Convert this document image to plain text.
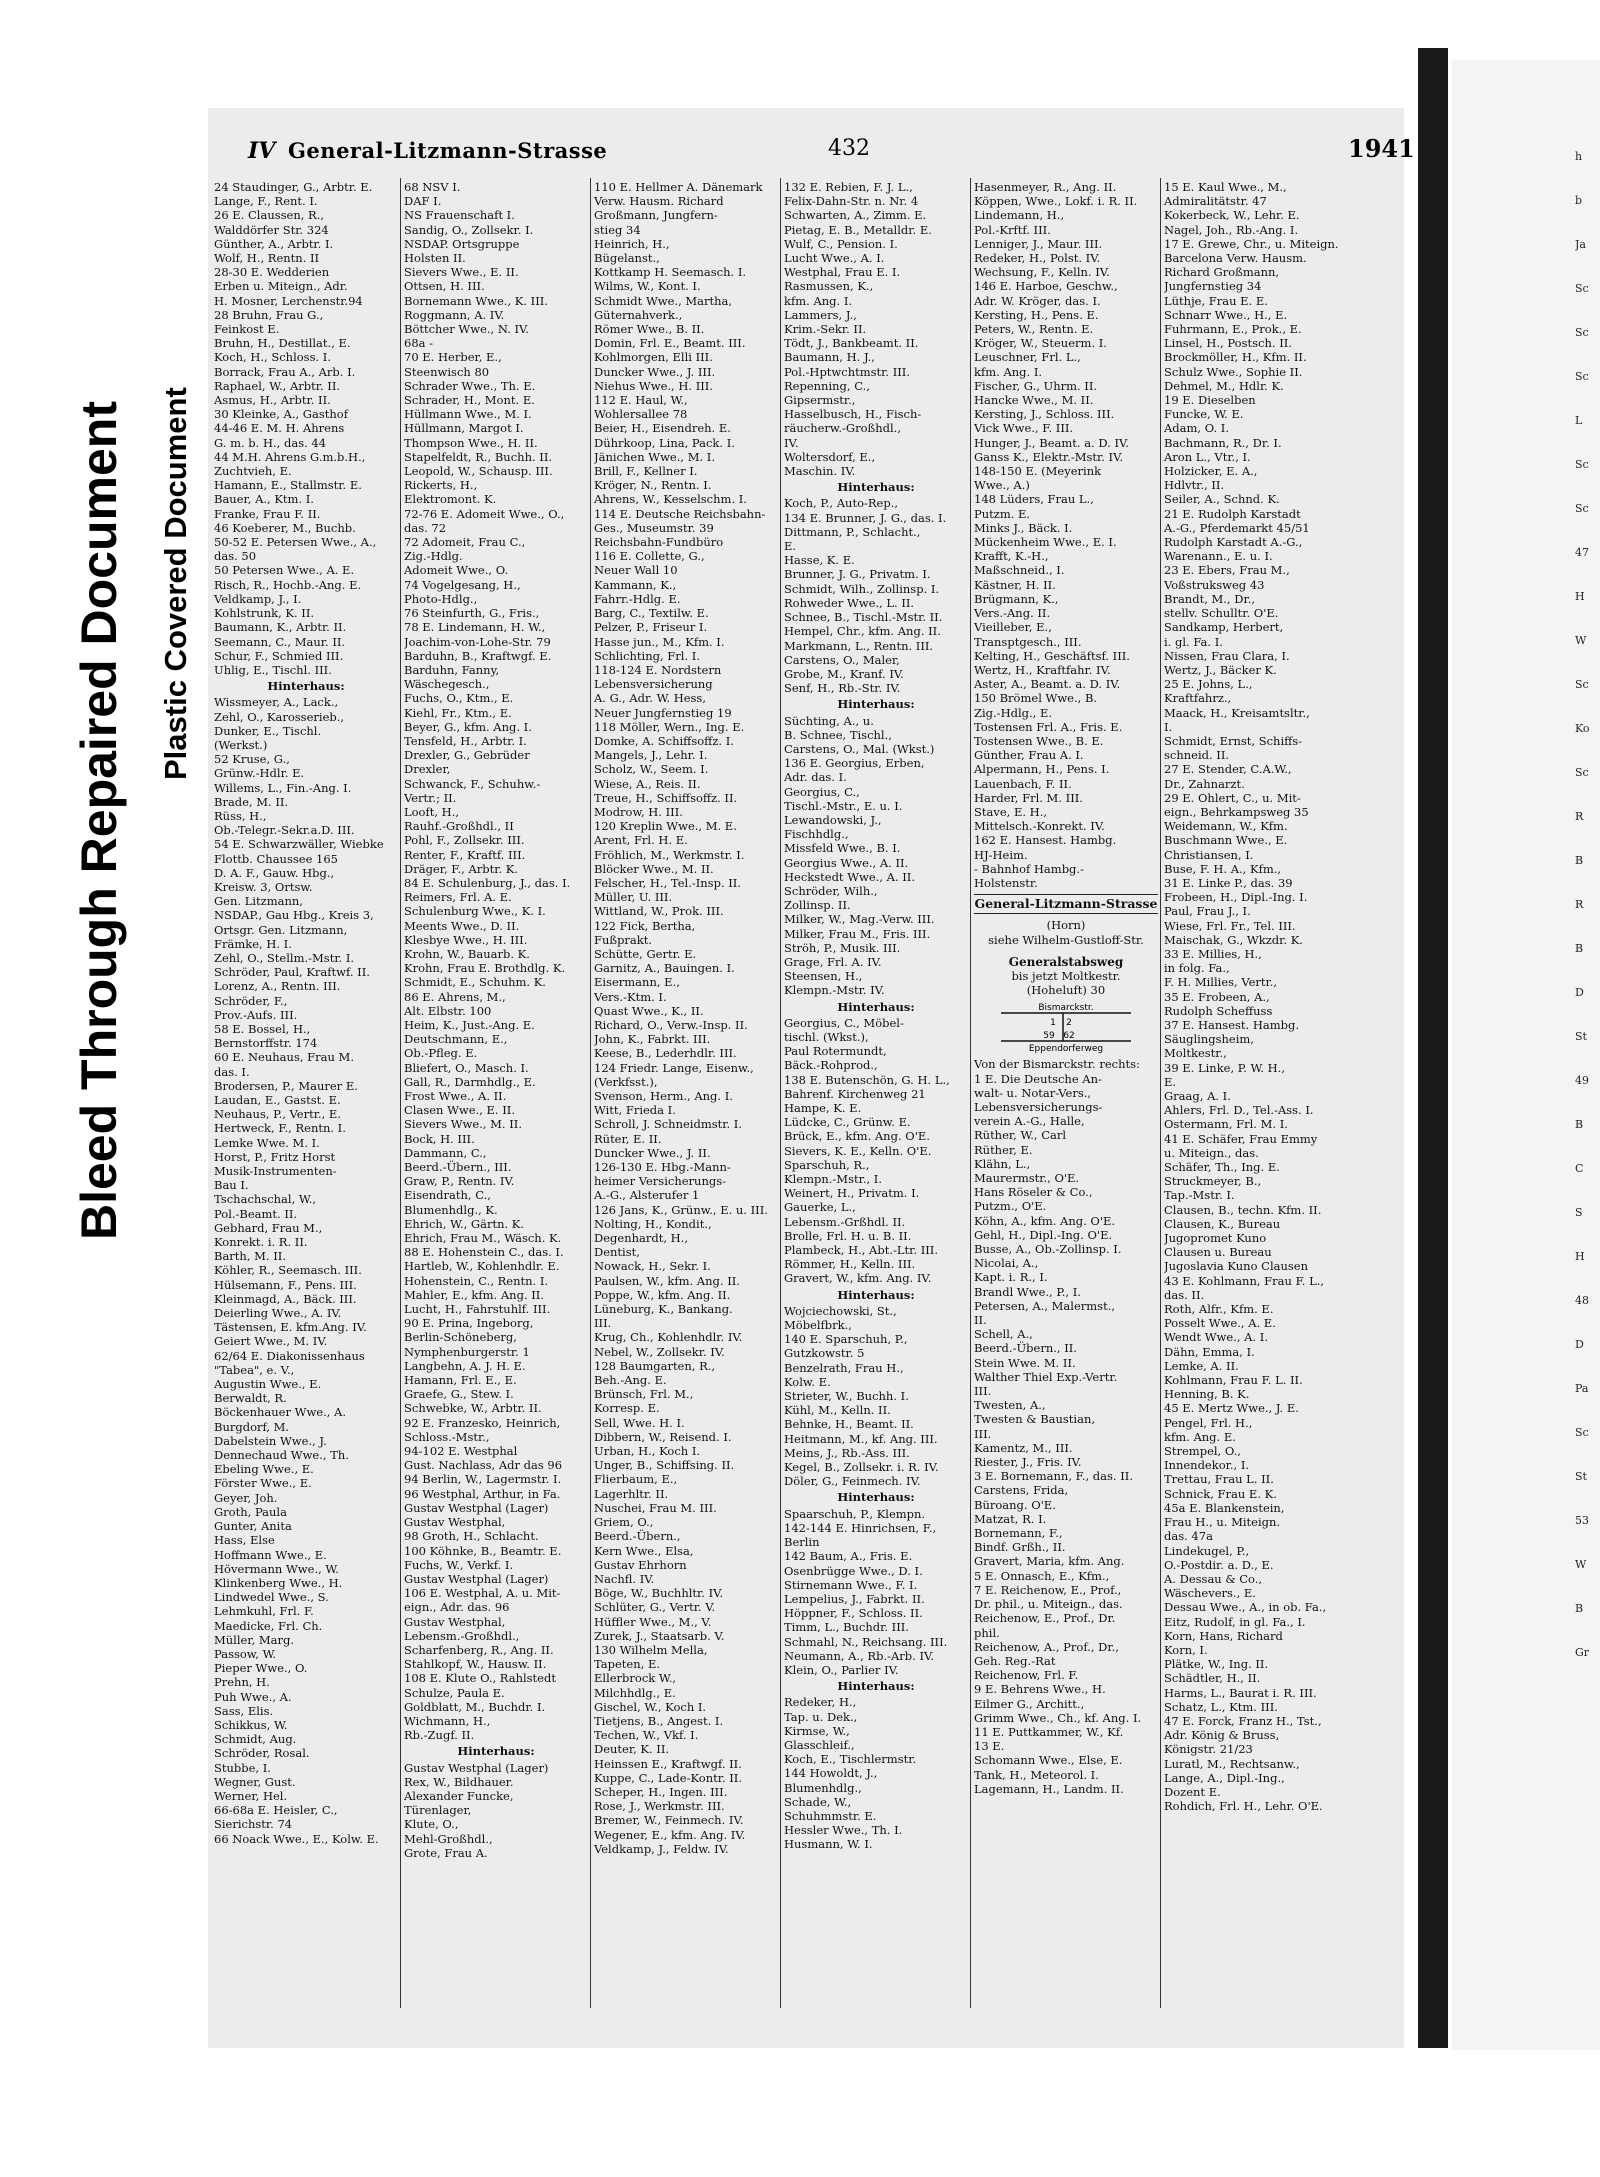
Bleed Through Repaired Document Plastic Covered Document
h
b
Ja
Sc
Sc
Sc
L
Sc
Sc
47
H
W
Sc
Ko
Sc
R
B
R
B
D
St
49
B
C
S
H
48
D
Pa
Sc
St
53
W
B
Gr
IV General-Litzmann-Strasse	432	1941
24 Staudinger, G., Arbtr. E.
Lange, F., Rent. I.
26 E. Claussen, R.,
Walddörfer Str. 324
Günther, A., Arbtr. I.
Wolf, H., Rentn. II
28-30 E. Wedderien
Erben u. Miteign., Adr.
H. Mosner, Lerchenstr.94
28 Bruhn, Frau G.,
Feinkost E.
Bruhn, H., Destillat., E.
Koch, H., Schloss. I.
Borrack, Frau A., Arb. I.
Raphael, W., Arbtr. II.
Asmus, H., Arbtr. II.
30 Kleinke, A., Gasthof
44-46 E. M. H. Ahrens
G. m. b. H., das. 44
44 M.H. Ahrens G.m.b.H.,
Zuchtvieh, E.
Hamann, E., Stallmstr. E.
Bauer, A., Ktm. I.
Franke, Frau F. II.
46 Koeberer, M., Buchb.
50-52 E. Petersen Wwe., A.,
das. 50
50 Petersen Wwe., A. E.
Risch, R., Hochb.-Ang. E.
Veldkamp, J., I.
Kohlstrunk, K. II.
Baumann, K., Arbtr. II.
Seemann, C., Maur. II.
Schur, F., Schmied III.
Uhlig, E., Tischl. III.
Hinterhaus:
Wissmeyer, A., Lack.,
Zehl, O., Karosserieb.,
Dunker, E., Tischl.
(Werkst.)
52 Kruse, G.,
Grünw.-Hdlr. E.
Willems, L., Fin.-Ang. I.
Brade, M. II.
Rüss, H.,
Ob.-Telegr.-Sekr.a.D. III.
54 E. Schwarzwäller, Wiebke
Flottb. Chaussee 165
D. A. F., Gauw. Hbg.,
Kreisw. 3, Ortsw.
Gen. Litzmann,
NSDAP., Gau Hbg., Kreis 3,
Ortsgr. Gen. Litzmann,
Främke, H. I.
Zehl, O., Stellm.-Mstr. I.
Schröder, Paul, Kraftwf. II.
Lorenz, A., Rentn. III.
Schröder, F.,
Prov.-Aufs. III.
58 E. Bossel, H.,
Bernstorffstr. 174
60 E. Neuhaus, Frau M.
das. I.
Brodersen, P., Maurer E.
Laudan, E., Gastst. E.
Neuhaus, P., Vertr., E.
Hertweck, F., Rentn. I.
Lemke Wwe. M. I.
Horst, P., Fritz Horst
Musik-Instrumenten-
Bau I.
Tschachschal, W.,
Pol.-Beamt. II.
Gebhard, Frau M.,
Konrekt. i. R. II.
Barth, M. II.
Köhler, R., Seemasch. III.
Hülsemann, F., Pens. III.
Kleinmagd, A., Bäck. III.
Deierling Wwe., A. IV.
Tästensen, E. kfm.Ang. IV.
Geiert Wwe., M. IV.
62/64 E. Diakonissenhaus
"Tabea", e. V.,
Augustin Wwe., E.
Berwaldt, R.
Böckenhauer Wwe., A.
Burgdorf, M.
Dabelstein Wwe., J.
Dennechaud Wwe., Th.
Ebeling Wwe., E.
Förster Wwe., E.
Geyer, Joh.
Groth, Paula
Gunter, Anita
Hass, Else
Hoffmann Wwe., E.
Hövermann Wwe., W.
Klinkenberg Wwe., H.
Lindwedel Wwe., S.
Lehmkuhl, Frl. F.
Maedicke, Frl. Ch.
Müller, Marg.
Passow, W.
Pieper Wwe., O.
Prehn, H.
Puh Wwe., A.
Sass, Elis.
Schikkus, W.
Schmidt, Aug.
Schröder, Rosal.
Stubbe, I.
Wegner, Gust.
Werner, Hel.
66-68a E. Heisler, C.,
Sierichstr. 74
66 Noack Wwe., E., Kolw. E.
68 NSV I.
DAF I.
NS Frauenschaft I.
Sandig, O., Zollsekr. I.
NSDAP. Ortsgruppe
Holsten II.
Sievers Wwe., E. II.
Ottsen, H. III.
Bornemann Wwe., K. III.
Roggmann, A. IV.
Böttcher Wwe., N. IV.
68a -
70 E. Herber, E.,
Steenwisch 80
Schrader Wwe., Th. E.
Schrader, H., Mont. E.
Hüllmann Wwe., M. I.
Hüllmann, Margot I.
Thompson Wwe., H. II.
Stapelfeldt, R., Buchh. II.
Leopold, W., Schausp. III.
Rickerts, H.,
Elektromont. K.
72-76 E. Adomeit Wwe., O.,
das. 72
72 Adomeit, Frau C.,
Zig.-Hdlg.
Adomeit Wwe., O.
74 Vogelgesang, H.,
Photo-Hdlg.,
76 Steinfurth, G., Fris.,
78 E. Lindemann, H. W.,
Joachim-von-Lohe-Str. 79
Barduhn, B., Kraftwgf. E.
Barduhn, Fanny,
Wäschegesch.,
Fuchs, O., Ktm., E.
Kiehl, Fr., Ktm., E.
Beyer, G., kfm. Ang. I.
Tensfeld, H., Arbtr. I.
Drexler, G., Gebrüder
Drexler,
Schwanck, F., Schuhw.-
Vertr.; II.
Looft, H.,
Rauhf.-Großhdl., II
Pohl, F., Zollsekr. III.
Renter, F., Kraftf. III.
Dräger, F., Arbtr. K.
84 E. Schulenburg, J., das. I.
Reimers, Frl. A. E.
Schulenburg Wwe., K. I.
Meents Wwe., D. II.
Klesbye Wwe., H. III.
Krohn, W., Bauarb. K.
Krohn, Frau E. Brothdlg. K.
Schmidt, E., Schuhm. K.
86 E. Ahrens, M.,
Alt. Elbstr. 100
Heim, K., Just.-Ang. E.
Deutschmann, E.,
Ob.-Pfleg. E.
Bliefert, O., Masch. I.
Gall, R., Darmhdlg., E.
Frost Wwe., A. II.
Clasen Wwe., E. II.
Sievers Wwe., M. II.
Bock, H. III.
Dammann, C.,
Beerd.-Übern., III.
Graw, P., Rentn. IV.
Eisendrath, C.,
Blumenhdlg., K.
Ehrich, W., Gärtn. K.
Ehrich, Frau M., Wäsch. K.
88 E. Hohenstein C., das. I.
Hartleb, W., Kohlenhdlr. E.
Hohenstein, C., Rentn. I.
Mahler, E., kfm. Ang. II.
Lucht, H., Fahrstuhlf. III.
90 E. Prina, Ingeborg,
Berlin-Schöneberg,
Nymphenburgerstr. 1
Langbehn, A. J. H. E.
Hamann, Frl. E., E.
Graefe, G., Stew. I.
Schwebke, W., Arbtr. II.
92 E. Franzesko, Heinrich,
Schloss.-Mstr.,
94-102 E. Westphal
Gust. Nachlass, Adr das 96
94 Berlin, W., Lagermstr. I.
96 Westphal, Arthur, in Fa.
Gustav Westphal (Lager)
Gustav Westphal,
98 Groth, H., Schlacht.
100 Köhnke, B., Beamtr. E.
Fuchs, W., Verkf. I.
Gustav Westphal (Lager)
106 E. Westphal, A. u. Mit-
eign., Adr. das. 96
Gustav Westphal,
Lebensm.-Großhdl.,
Scharfenberg, R., Ang. II.
Stahlkopf, W., Hausw. II.
108 E. Klute O., Rahlstedt
Schulze, Paula E.
Goldblatt, M., Buchdr. I.
Wichmann, H.,
Rb.-Zugf. II.
Hinterhaus:
Gustav Westphal (Lager)
Rex, W., Bildhauer.
Alexander Funcke,
Türenlager,
Klute, O.,
Mehl-Großhdl.,
Grote, Frau A.
110 E. Hellmer A. Dänemark
Verw. Hausm. Richard
Großmann, Jungfern-
stieg 34
Heinrich, H.,
Bügelanst.,
Kottkamp H. Seemasch. I.
Wilms, W., Kont. I.
Schmidt Wwe., Martha,
Güternahverk.,
Römer Wwe., B. II.
Domin, Frl. E., Beamt. III.
Kohlmorgen, Elli III.
Duncker Wwe., J. III.
Niehus Wwe., H. III.
112 E. Haul, W.,
Wohlersallee 78
Beier, H., Eisendreh. E.
Dührkoop, Lina, Pack. I.
Jänichen Wwe., M. I.
Brill, F., Kellner I.
Kröger, N., Rentn. I.
Ahrens, W., Kesselschm. I.
114 E. Deutsche Reichsbahn-
Ges., Museumstr. 39
Reichsbahn-Fundbüro
116 E. Collette, G.,
Neuer Wall 10
Kammann, K.,
Fahrr.-Hdlg. E.
Barg, C., Textilw. E.
Pelzer, P., Friseur I.
Hasse jun., M., Kfm. I.
Schlichting, Frl. I.
118-124 E. Nordstern
Lebensversicherung
A. G., Adr. W. Hess,
Neuer Jungfernstieg 19
118 Möller, Wern., Ing. E.
Domke, A. Schiffsoffz. I.
Mangels, J., Lehr. I.
Scholz, W., Seem. I.
Wiese, A., Reis. II.
Treue, H., Schiffsoffz. II.
Modrow, H. III.
120 Kreplin Wwe., M. E.
Arent, Frl. H. E.
Fröhlich, M., Werkmstr. I.
Blöcker Wwe., M. II.
Felscher, H., Tel.-Insp. II.
Müller, U. III.
Wittland, W., Prok. III.
122 Fick, Bertha,
Fußprakt.
Schütte, Gertr. E.
Garnitz, A., Bauingen. I.
Eisermann, E.,
Vers.-Ktm. I.
Quast Wwe., K., II.
Richard, O., Verw.-Insp. II.
John, K., Fabrkt. III.
Keese, B., Lederhdlr. III.
124 Friedr. Lange, Eisenw.,
(Verkfsst.),
Svenson, Herm., Ang. I.
Witt, Frieda I.
Schroll, J. Schneidmstr. I.
Rüter, E. II.
Duncker Wwe., J. II.
126-130 E. Hbg.-Mann-
heimer Versicherungs-
A.-G., Alsterufer 1
126 Jans, K., Grünw., E. u. III.
Nolting, H., Kondit.,
Degenhardt, H.,
Dentist,
Nowack, H., Sekr. I.
Paulsen, W., kfm. Ang. II.
Poppe, W., kfm. Ang. II.
Lüneburg, K., Bankang.
III.
Krug, Ch., Kohlenhdlr. IV.
Nebel, W., Zollsekr. IV.
128 Baumgarten, R.,
Beh.-Ang. E.
Brünsch, Frl. M.,
Korresp. E.
Sell, Wwe. H. I.
Dibbern, W., Reisend. I.
Urban, H., Koch I.
Unger, B., Schiffsing. II.
Flierbaum, E.,
Lagerhltr. II.
Nuschei, Frau M. III.
Griem, O.,
Beerd.-Übern.,
Kern Wwe., Elsa,
Gustav Ehrhorn
Nachfl. IV.
Böge, W., Buchhltr. IV.
Schlüter, G., Vertr. V.
Hüffler Wwe., M., V.
Zurek, J., Staatsarb. V.
130 Wilhelm Mella,
Tapeten, E.
Ellerbrock W.,
Milchhdlg., E.
Gischel, W., Koch I.
Tietjens, B., Angest. I.
Techen, W., Vkf. I.
Deuter, K. II.
Heinssen E., Kraftwgf. II.
Kuppe, C., Lade-Kontr. II.
Scheper, H., Ingen. III.
Rose, J., Werkmstr. III.
Bremer, W., Feinmech. IV.
Wegener, E., kfm. Ang. IV.
Veldkamp, J., Feldw. IV.
132 E. Rebien, F. J. L.,
Felix-Dahn-Str. n. Nr. 4
Schwarten, A., Zimm. E.
Pietag, E. B., Metalldr. E.
Wulf, C., Pension. I.
Lucht Wwe., A. I.
Westphal, Frau E. I.
Rasmussen, K.,
kfm. Ang. I.
Lammers, J.,
Krim.-Sekr. II.
Tödt, J., Bankbeamt. II.
Baumann, H. J.,
Pol.-Hptwchtmstr. III.
Repenning, C.,
Gipsermstr.,
Hasselbusch, H., Fisch-
räucherw.-Großhdl.,
IV.
Woltersdorf, E.,
Maschin. IV.
Hinterhaus:
Koch, P., Auto-Rep.,
134 E. Brunner, J. G., das. I.
Dittmann, P., Schlacht.,
E.
Hasse, K. E.
Brunner, J. G., Privatm. I.
Schmidt, Wilh., Zollinsp. I.
Rohweder Wwe., L. II.
Schnee, B., Tischl.-Mstr. II.
Hempel, Chr., kfm. Ang. II.
Markmann, L., Rentn. III.
Carstens, O., Maler,
Grobe, M., Kranf. IV.
Senf, H., Rb.-Str. IV.
Hinterhaus:
Süchting, A., u.
B. Schnee, Tischl.,
Carstens, O., Mal. (Wkst.)
136 E. Georgius, Erben,
Adr. das. I.
Georgius, C.,
Tischl.-Mstr., E. u. I.
Lewandowski, J.,
Fischhdlg.,
Missfeld Wwe., B. I.
Georgius Wwe., A. II.
Heckstedt Wwe., A. II.
Schröder, Wilh.,
Zollinsp. II.
Milker, W., Mag.-Verw. III.
Milker, Frau M., Fris. III.
Ströh, P., Musik. III.
Grage, Frl. A. IV.
Steensen, H.,
Klempn.-Mstr. IV.
Hinterhaus:
Georgius, C., Möbel-
tischl. (Wkst.),
Paul Rotermundt,
Bäck.-Rohprod.,
138 E. Butenschön, G. H. L.,
Bahrenf. Kirchenweg 21
Hampe, K. E.
Lüdcke, C., Grünw. E.
Brück, E., kfm. Ang. O'E.
Sievers, K. E., Kelln. O'E.
Sparschuh, R.,
Klempn.-Mstr., I.
Weinert, H., Privatm. I.
Gauerke, L.,
Lebensm.-Grßhdl. II.
Brolle, Frl. H. u. B. II.
Plambeck, H., Abt.-Ltr. III.
Römmer, H., Kelln. III.
Gravert, W., kfm. Ang. IV.
Hinterhaus:
Wojciechowski, St.,
Möbelfbrk.,
140 E. Sparschuh, P.,
Gutzkowstr. 5
Benzelrath, Frau H.,
Kolw. E.
Strieter, W., Buchh. I.
Kühl, M., Kelln. II.
Behnke, H., Beamt. II.
Heitmann, M., kf. Ang. III.
Meins, J., Rb.-Ass. III.
Kegel, B., Zollsekr. i. R. IV.
Döler, G., Feinmech. IV.
Hinterhaus:
Spaarschuh, P., Klempn.
142-144 E. Hinrichsen, F.,
Berlin
142 Baum, A., Fris. E.
Osenbrügge Wwe., D. I.
Stirnemann Wwe., F. I.
Lempelius, J., Fabrkt. II.
Höppner, F., Schloss. II.
Timm, L., Buchdr. III.
Schmahl, N., Reichsang. III.
Neumann, A., Rb.-Arb. IV.
Klein, O., Parlier IV.
Hinterhaus:
Redeker, H.,
Tap. u. Dek.,
Kirmse, W.,
Glasschleif.,
Koch, E., Tischlermstr.
144 Howoldt, J.,
Blumenhdlg.,
Schade, W.,
Schuhmmstr. E.
Hessler Wwe., Th. I.
Husmann, W. I.
Hasenmeyer, R., Ang. II.
Köppen, Wwe., Lokf. i. R. II.
Lindemann, H.,
Pol.-Krftf. III.
Lenniger, J., Maur. III.
Redeker, H., Polst. IV.
Wechsung, F., Kelln. IV.
146 E. Harboe, Geschw.,
Adr. W. Kröger, das. I.
Kersting, H., Pens. E.
Peters, W., Rentn. E.
Kröger, W., Steuerm. I.
Leuschner, Frl. L.,
kfm. Ang. I.
Fischer, G., Uhrm. II.
Hancke Wwe., M. II.
Kersting, J., Schloss. III.
Vick Wwe., F. III.
Hunger, J., Beamt. a. D. IV.
Ganss K., Elektr.-Mstr. IV.
148-150 E. (Meyerink
Wwe., A.)
148 Lüders, Frau L.,
Putzm. E.
Minks J., Bäck. I.
Mückenheim Wwe., E. I.
Krafft, K.-H.,
Maßschneid., I.
Kästner, H. II.
Brügmann, K.,
Vers.-Ang. II.
Vieilleber, E.,
Transptgesch., III.
Kelting, H., Geschäftsf. III.
Wertz, H., Kraftfahr. IV.
Aster, A., Beamt. a. D. IV.
150 Brömel Wwe., B.
Zig.-Hdlg., E.
Tostensen Frl. A., Fris. E.
Tostensen Wwe., B. E.
Günther, Frau A. I.
Alpermann, H., Pens. I.
Lauenbach, F. II.
Harder, Frl. M. III.
Stave, E. H.,
Mittelsch.-Konrekt. IV.
162 E. Hansest. Hambg.
HJ-Heim.
- Bahnhof Hambg.-
Holstenstr.
General-Litzmann-Strasse
(Horn)
siehe Wilhelm-Gustloff-Str.
Generalstabsweg
bis jetzt Moltkestr.
(Hoheluft) 30
Bismarckstr.
Eppendorferweg
1 2
59 62
Von der Bismarckstr. rechts:
1 E. Die Deutsche An-
walt- u. Notar-Vers.,
Lebensversicherungs-
verein A.-G., Halle,
Rüther, W., Carl
Rüther, E.
Klähn, L.,
Maurermstr., O'E.
Hans Röseler & Co.,
Putzm., O'E.
Köhn, A., kfm. Ang. O'E.
Gehl, H., Dipl.-Ing. O'E.
Busse, A., Ob.-Zollinsp. I.
Nicolai, A.,
Kapt. i. R., I.
Brandl Wwe., P., I.
Petersen, A., Malermst.,
II.
Schell, A.,
Beerd.-Übern., II.
Stein Wwe. M. II.
Walther Thiel Exp.-Vertr.
III.
Twesten, A.,
Twesten & Baustian,
III.
Kamentz, M., III.
Riester, J., Fris. IV.
3 E. Bornemann, F., das. II.
Carstens, Frida,
Büroang. O'E.
Matzat, R. I.
Bornemann, F.,
Bindf. Grßh., II.
Gravert, Maria, kfm. Ang.
5 E. Onnasch, E., Kfm.,
7 E. Reichenow, E., Prof.,
Dr. phil., u. Miteign., das.
Reichenow, E., Prof., Dr.
phil.
Reichenow, A., Prof., Dr.,
Geh. Reg.-Rat
Reichenow, Frl. F.
9 E. Behrens Wwe., H.
Eilmer G., Architt.,
Grimm Wwe., Ch., kf. Ang. I.
11 E. Puttkammer, W., Kf.
13 E.
Schomann Wwe., Else, E.
Tank, H., Meteorol. I.
Lagemann, H., Landm. II.
15 E. Kaul Wwe., M.,
Admiralitätstr. 47
Kokerbeck, W., Lehr. E.
Nagel, Joh., Rb.-Ang. I.
17 E. Grewe, Chr., u. Miteign.
Barcelona Verw. Hausm.
Richard Großmann,
Jungfernstieg 34
Lüthje, Frau E. E.
Schnarr Wwe., H., E.
Fuhrmann, E., Prok., E.
Linsel, H., Postsch. II.
Brockmöller, H., Kfm. II.
Schulz Wwe., Sophie II.
Dehmel, M., Hdlr. K.
19 E. Dieselben
Funcke, W. E.
Adam, O. I.
Bachmann, R., Dr. I.
Aron L., Vtr., I.
Holzicker, E. A.,
Hdlvtr., II.
Seiler, A., Schnd. K.
21 E. Rudolph Karstadt
A.-G., Pferdemarkt 45/51
Rudolph Karstadt A.-G.,
Warenann., E. u. I.
23 E. Ebers, Frau M.,
Voßstruksweg 43
Brandt, M., Dr.,
stellv. Schulltr. O'E.
Sandkamp, Herbert,
i. gl. Fa. I.
Nissen, Frau Clara, I.
Wertz, J., Bäcker K.
25 E. Johns, L.,
Kraftfahrz.,
Maack, H., Kreisamtsltr.,
I.
Schmidt, Ernst, Schiffs-
schneid. II.
27 E. Stender, C.A.W.,
Dr., Zahnarzt.
29 E. Ohlert, C., u. Mit-
eign., Behrkampsweg 35
Weidemann, W., Kfm.
Buschmann Wwe., E.
Christiansen, I.
Buse, F. H. A., Kfm.,
31 E. Linke P., das. 39
Frobeen, H., Dipl.-Ing. I.
Paul, Frau J., I.
Wiese, Frl. Fr., Tel. III.
Maischak, G., Wkzdr. K.
33 E. Millies, H.,
in folg. Fa.,
F. H. Millies, Vertr.,
35 E. Frobeen, A.,
Rudolph Scheffuss
37 E. Hansest. Hambg.
Säuglingsheim,
Moltkestr.,
39 E. Linke, P. W. H.,
E.
Graag, A. I.
Ahlers, Frl. D., Tel.-Ass. I.
Ostermann, Frl. M. I.
41 E. Schäfer, Frau Emmy
u. Miteign., das.
Schäfer, Th., Ing. E.
Struckmeyer, B.,
Tap.-Mstr. I.
Clausen, B., techn. Kfm. II.
Clausen, K., Bureau
Jugopromet Kuno
Clausen u. Bureau
Jugoslavia Kuno Clausen
43 E. Kohlmann, Frau F. L.,
das. II.
Roth, Alfr., Kfm. E.
Posselt Wwe., A. E.
Wendt Wwe., A. I.
Dähn, Emma, I.
Lemke, A. II.
Kohlmann, Frau F. L. II.
Henning, B. K.
45 E. Mertz Wwe., J. E.
Pengel, Frl. H.,
kfm. Ang. E.
Strempel, O.,
Innendekor., I.
Trettau, Frau L. II.
Schnick, Frau E. K.
45a E. Blankenstein,
Frau H., u. Miteign.
das. 47a
Lindekugel, P.,
O.-Postdir. a. D., E.
A. Dessau & Co.,
Wäschevers., E.
Dessau Wwe., A., in ob. Fa.,
Eitz, Rudolf, in gl. Fa., I.
Korn, Hans, Richard
Korn, I.
Plätke, W., Ing. II.
Schädtler, H., II.
Harms, L., Baurat i. R. III.
Schatz, L., Ktm. III.
47 E. Forck, Franz H., Tst.,
Adr. König & Bruss,
Königstr. 21/23
Luratl, M., Rechtsanw.,
Lange, A., Dipl.-Ing.,
Dozent E.
Rohdich, Frl. H., Lehr. O'E.
